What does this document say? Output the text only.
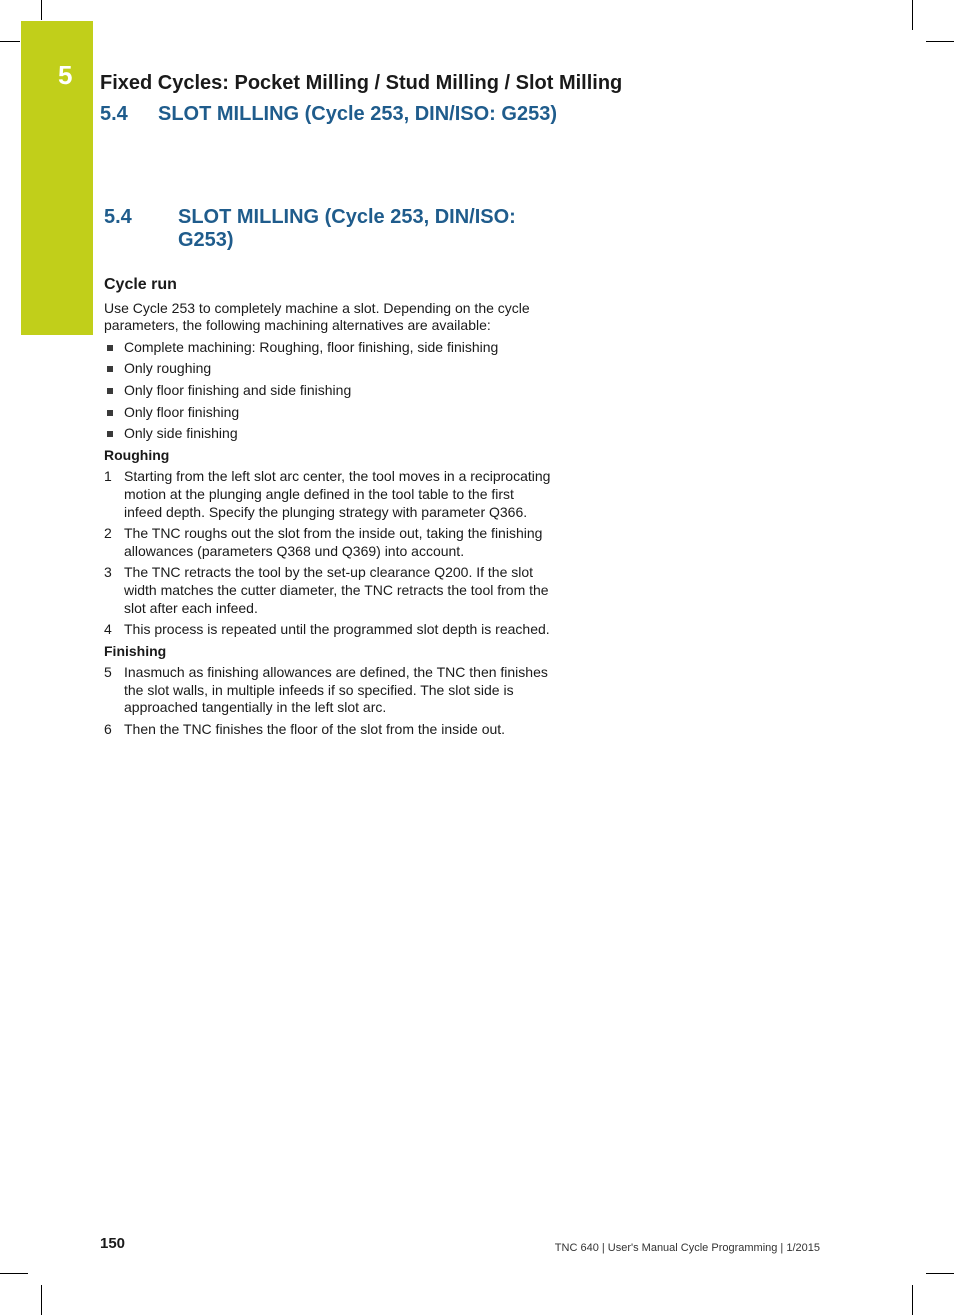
5 Fixed Cycles: Pocket Milling / Stud Milling / Slot Milling
5.4 SLOT MILLING (Cycle 253, DIN/ISO: G253)
5.4 SLOT MILLING (Cycle 253, DIN/ISO: G253)
Cycle run

Use Cycle 253 to completely machine a slot. Depending on the cycle parameters, the following machining alternatives are available:

Complete machining: Roughing, floor finishing, side finishing
Only roughing
Only floor finishing and side finishing
Only floor finishing
Only side finishing
Roughing
1 Starting from the left slot arc center, the tool moves in a reciprocating motion at the plunging angle defined in the tool table to the first infeed depth. Specify the plunging strategy with parameter Q366.
2 The TNC roughs out the slot from the inside out, taking the finishing allowances (parameters Q368 und Q369) into account.
3 The TNC retracts the tool by the set-up clearance Q200. If the slot width matches the cutter diameter, the TNC retracts the tool from the slot after each infeed.
4 This process is repeated until the programmed slot depth is reached.
Finishing
5 Inasmuch as finishing allowances are defined, the TNC then finishes the slot walls, in multiple infeeds if so specified. The slot side is approached tangentially in the left slot arc.
6 Then the TNC finishes the floor of the slot from the inside out.
150	TNC 640 | User's Manual Cycle Programming | 1/2015
